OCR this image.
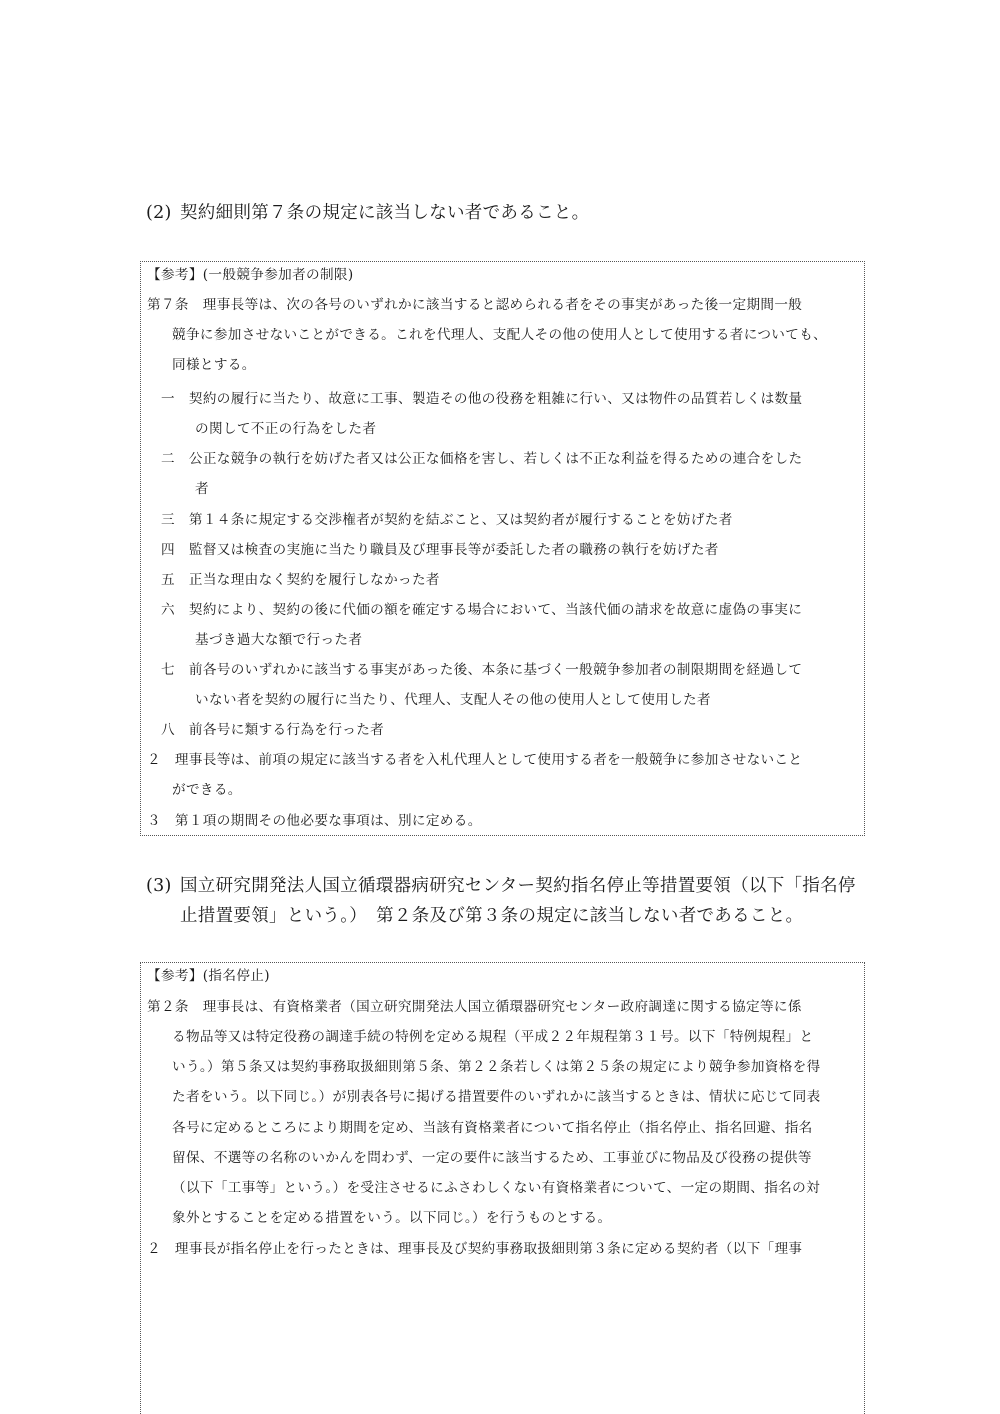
(2) 契約細則第７条の規定に該当しない者であること。
【参考】(一般競争参加者の制限)
第７条　理事長等は、次の各号のいずれかに該当すると認められる者をその事実があった後一定期間一般
競争に参加させないことができる。これを代理人、支配人その他の使用人として使用する者についても、
同様とする。
一　契約の履行に当たり、故意に工事、製造その他の役務を粗雑に行い、又は物件の品質若しくは数量
の関して不正の行為をした者
二　公正な競争の執行を妨げた者又は公正な価格を害し、若しくは不正な利益を得るための連合をした
者
三　第１４条に規定する交渉権者が契約を結ぶこと、又は契約者が履行することを妨げた者
四　監督又は検査の実施に当たり職員及び理事長等が委託した者の職務の執行を妨げた者
五　正当な理由なく契約を履行しなかった者
六　契約により、契約の後に代価の額を確定する場合において、当該代価の請求を故意に虚偽の事実に
基づき過大な額で行った者
七　前各号のいずれかに該当する事実があった後、本条に基づく一般競争参加者の制限期間を経過して
いない者を契約の履行に当たり、代理人、支配人その他の使用人として使用した者
八　前各号に類する行為を行った者
２　理事長等は、前項の規定に該当する者を入札代理人として使用する者を一般競争に参加させないこと
ができる。
３　第１項の期間その他必要な事項は、別に定める。
(3) 国立研究開発法人国立循環器病研究センター契約指名停止等措置要領（以下「指名停
止措置要領」という。）　第２条及び第３条の規定に該当しない者であること。
【参考】(指名停止)
第２条　理事長は、有資格業者（国立研究開発法人国立循環器研究センター政府調達に関する協定等に係
る物品等又は特定役務の調達手続の特例を定める規程（平成２２年規程第３１号。以下「特例規程」と
いう。）第５条又は契約事務取扱細則第５条、第２２条若しくは第２５条の規定により競争参加資格を得
た者をいう。以下同じ。）が別表各号に掲げる措置要件のいずれかに該当するときは、情状に応じて同表
各号に定めるところにより期間を定め、当該有資格業者について指名停止（指名停止、指名回避、指名
留保、不選等の名称のいかんを問わず、一定の要件に該当するため、工事並びに物品及び役務の提供等
（以下「工事等」という。）を受注させるにふさわしくない有資格業者について、一定の期間、指名の対
象外とすることを定める措置をいう。以下同じ。）を行うものとする。
２　理事長が指名停止を行ったときは、理事長及び契約事務取扱細則第３条に定める契約者（以下「理事
